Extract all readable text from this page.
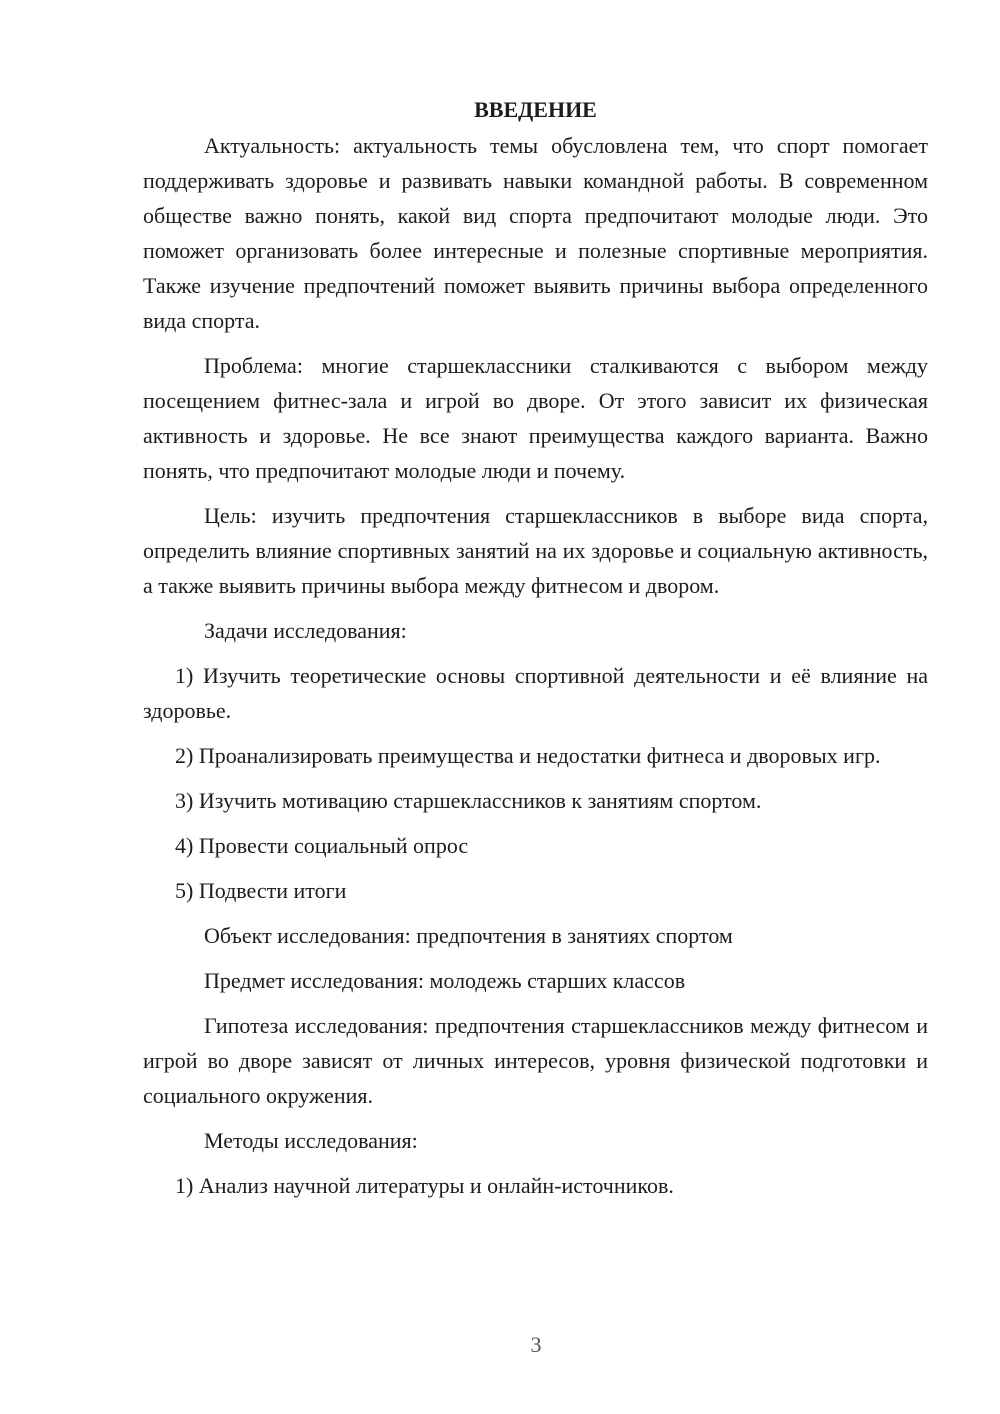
ВВЕДЕНИЕ

Актуальность: актуальность темы обусловлена тем, что спорт помогает поддерживать здоровье и развивать навыки командной работы. В современном обществе важно понять, какой вид спорта предпочитают молодые люди. Это поможет организовать более интересные и полезные спортивные мероприятия. Также изучение предпочтений поможет выявить причины выбора определенного вида спорта.

Проблема: многие старшеклассники сталкиваются с выбором между посещением фитнес-зала и игрой во дворе. От этого зависит их физическая активность и здоровье. Не все знают преимущества каждого варианта. Важно понять, что предпочитают молодые люди и почему.

Цель: изучить предпочтения старшеклассников в выборе вида спорта, определить влияние спортивных занятий на их здоровье и социальную активность, а также выявить причины выбора между фитнесом и двором.

Задачи исследования:

1) Изучить теоретические основы спортивной деятельности и её влияние на здоровье.

2) Проанализировать преимущества и недостатки фитнеса и дворовых игр.

3) Изучить мотивацию старшеклассников к занятиям спортом.

4) Провести социальный опрос

5) Подвести итоги

Объект исследования: предпочтения в занятиях спортом

Предмет исследования: молодежь старших классов

Гипотеза исследования: предпочтения старшеклассников между фитнесом и игрой во дворе зависят от личных интересов, уровня физической подготовки и социального окружения.

Методы исследования:

1) Анализ научной литературы и онлайн-источников.

3
